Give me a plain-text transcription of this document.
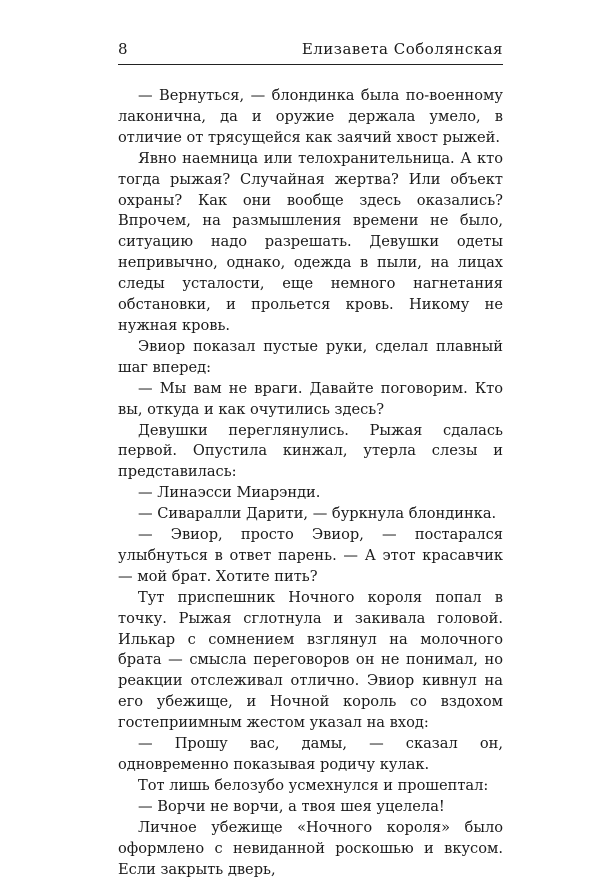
8	Елизавета Соболянская

— Вернуться, — блондинка была по-военному лаконична, да и оружие держала умело, в отличие от трясущейся как заячий хвост рыжей.

Явно наемница или телохранительница. А кто тогда рыжая? Случайная жертва? Или объект охраны? Как они вообще здесь оказались? Впрочем, на размышления времени не было, ситуацию надо разрешать. Девушки одеты непривычно, однако, одежда в пыли, на лицах следы усталости, еще немного нагнетания обстановки, и прольется кровь. Никому не нужная кровь.

Эвиор показал пустые руки, сделал плавный шаг вперед:

— Мы вам не враги. Давайте поговорим. Кто вы, откуда и как очутились здесь?

Девушки переглянулись. Рыжая сдалась первой. Опустила кинжал, утерла слезы и представилась:

— Линаэсси Миарэнди.

— Сиваралли Дарити, — буркнула блондинка.

— Эвиор, просто Эвиор, — постарался улыбнуться в ответ парень. — А этот красавчик — мой брат. Хотите пить?

Тут приспешник Ночного короля попал в точку. Рыжая сглотнула и закивала головой. Илькар с сомнением взглянул на молочного брата — смысла переговоров он не понимал, но реакции отслеживал отлично. Эвиор кивнул на его убежище, и Ночной король со вздохом гостеприимным жестом указал на вход:

— Прошу вас, дамы, — сказал он, одновременно показывая родичу кулак.

Тот лишь белозубо усмехнулся и прошептал:

— Ворчи не ворчи, а твоя шея уцелела!

Личное убежище «Ночного короля» было оформлено с невиданной роскошью и вкусом. Если закрыть дверь,
